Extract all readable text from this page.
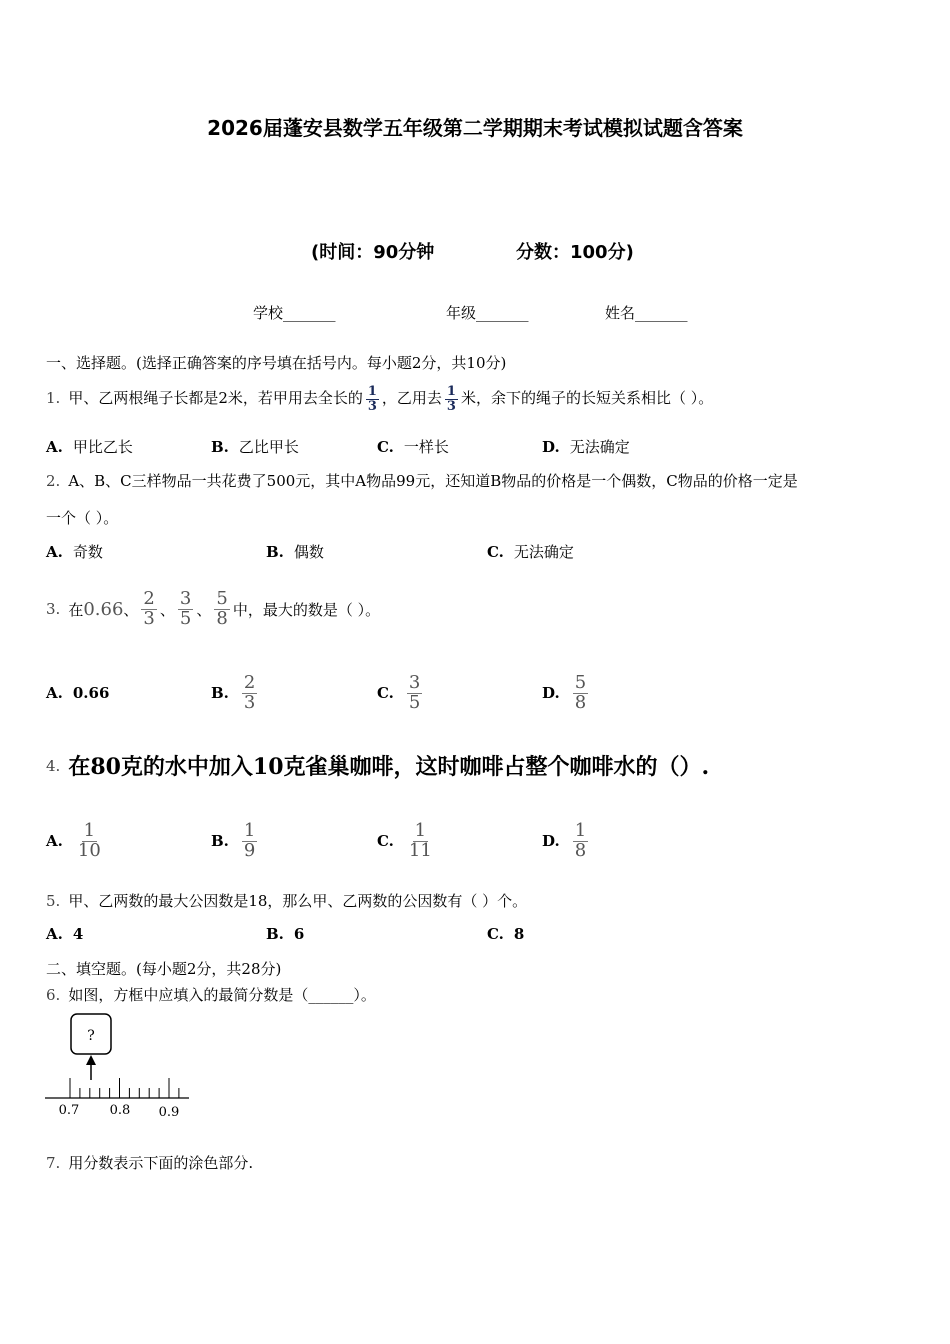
2026届蓬安县数学五年级第二学期期末考试模拟试题含答案
(时间：90分钟	分数：100分)
学校_______	年级_______	姓名_______
一、选择题。(选择正确答案的序号填在括号内。每小题2分，共10分)
1. 甲、乙两根绳子长都是2米，若甲用去全长的 $\frac{1}{3}$ ，乙用去 $\frac{1}{3}$ 米，余下的绳子的长短关系相比（ ）。
A. 甲比乙长	B. 乙比甲长	C. 一样长	D. 无法确定
2. A、B、C三样物品一共花费了500元，其中A物品99元，还知道B物品的价格是一个偶数，C物品的价格一定是
一个（ ）。
A. 奇数	B. 偶数	C. 无法确定
3. 在 0.66 、 $\frac{2}{3}$ 、 $\frac{3}{5}$ 、 $\frac{5}{8}$ 中，最大的数是（ ）。
A. 0.66	B. $\frac{2}{3}$	C. $\frac{3}{5}$	D. $\frac{5}{8}$
4. 在80克的水中加入10克雀巢咖啡，这时咖啡占整个咖啡水的（）.
A. $\frac{1}{10}$	B. $\frac{1}{9}$	C. $\frac{1}{11}$	D. $\frac{1}{8}$
5. 甲、乙两数的最大公因数是18，那么甲、乙两数的公因数有（ ）个。
A. 4	B. 6	C. 8
二、填空题。(每小题2分，共28分)
6. 如图，方框中应填入的最简分数是（______）。
?
0.7 0.8 0.9
7. 用分数表示下面的涂色部分.
